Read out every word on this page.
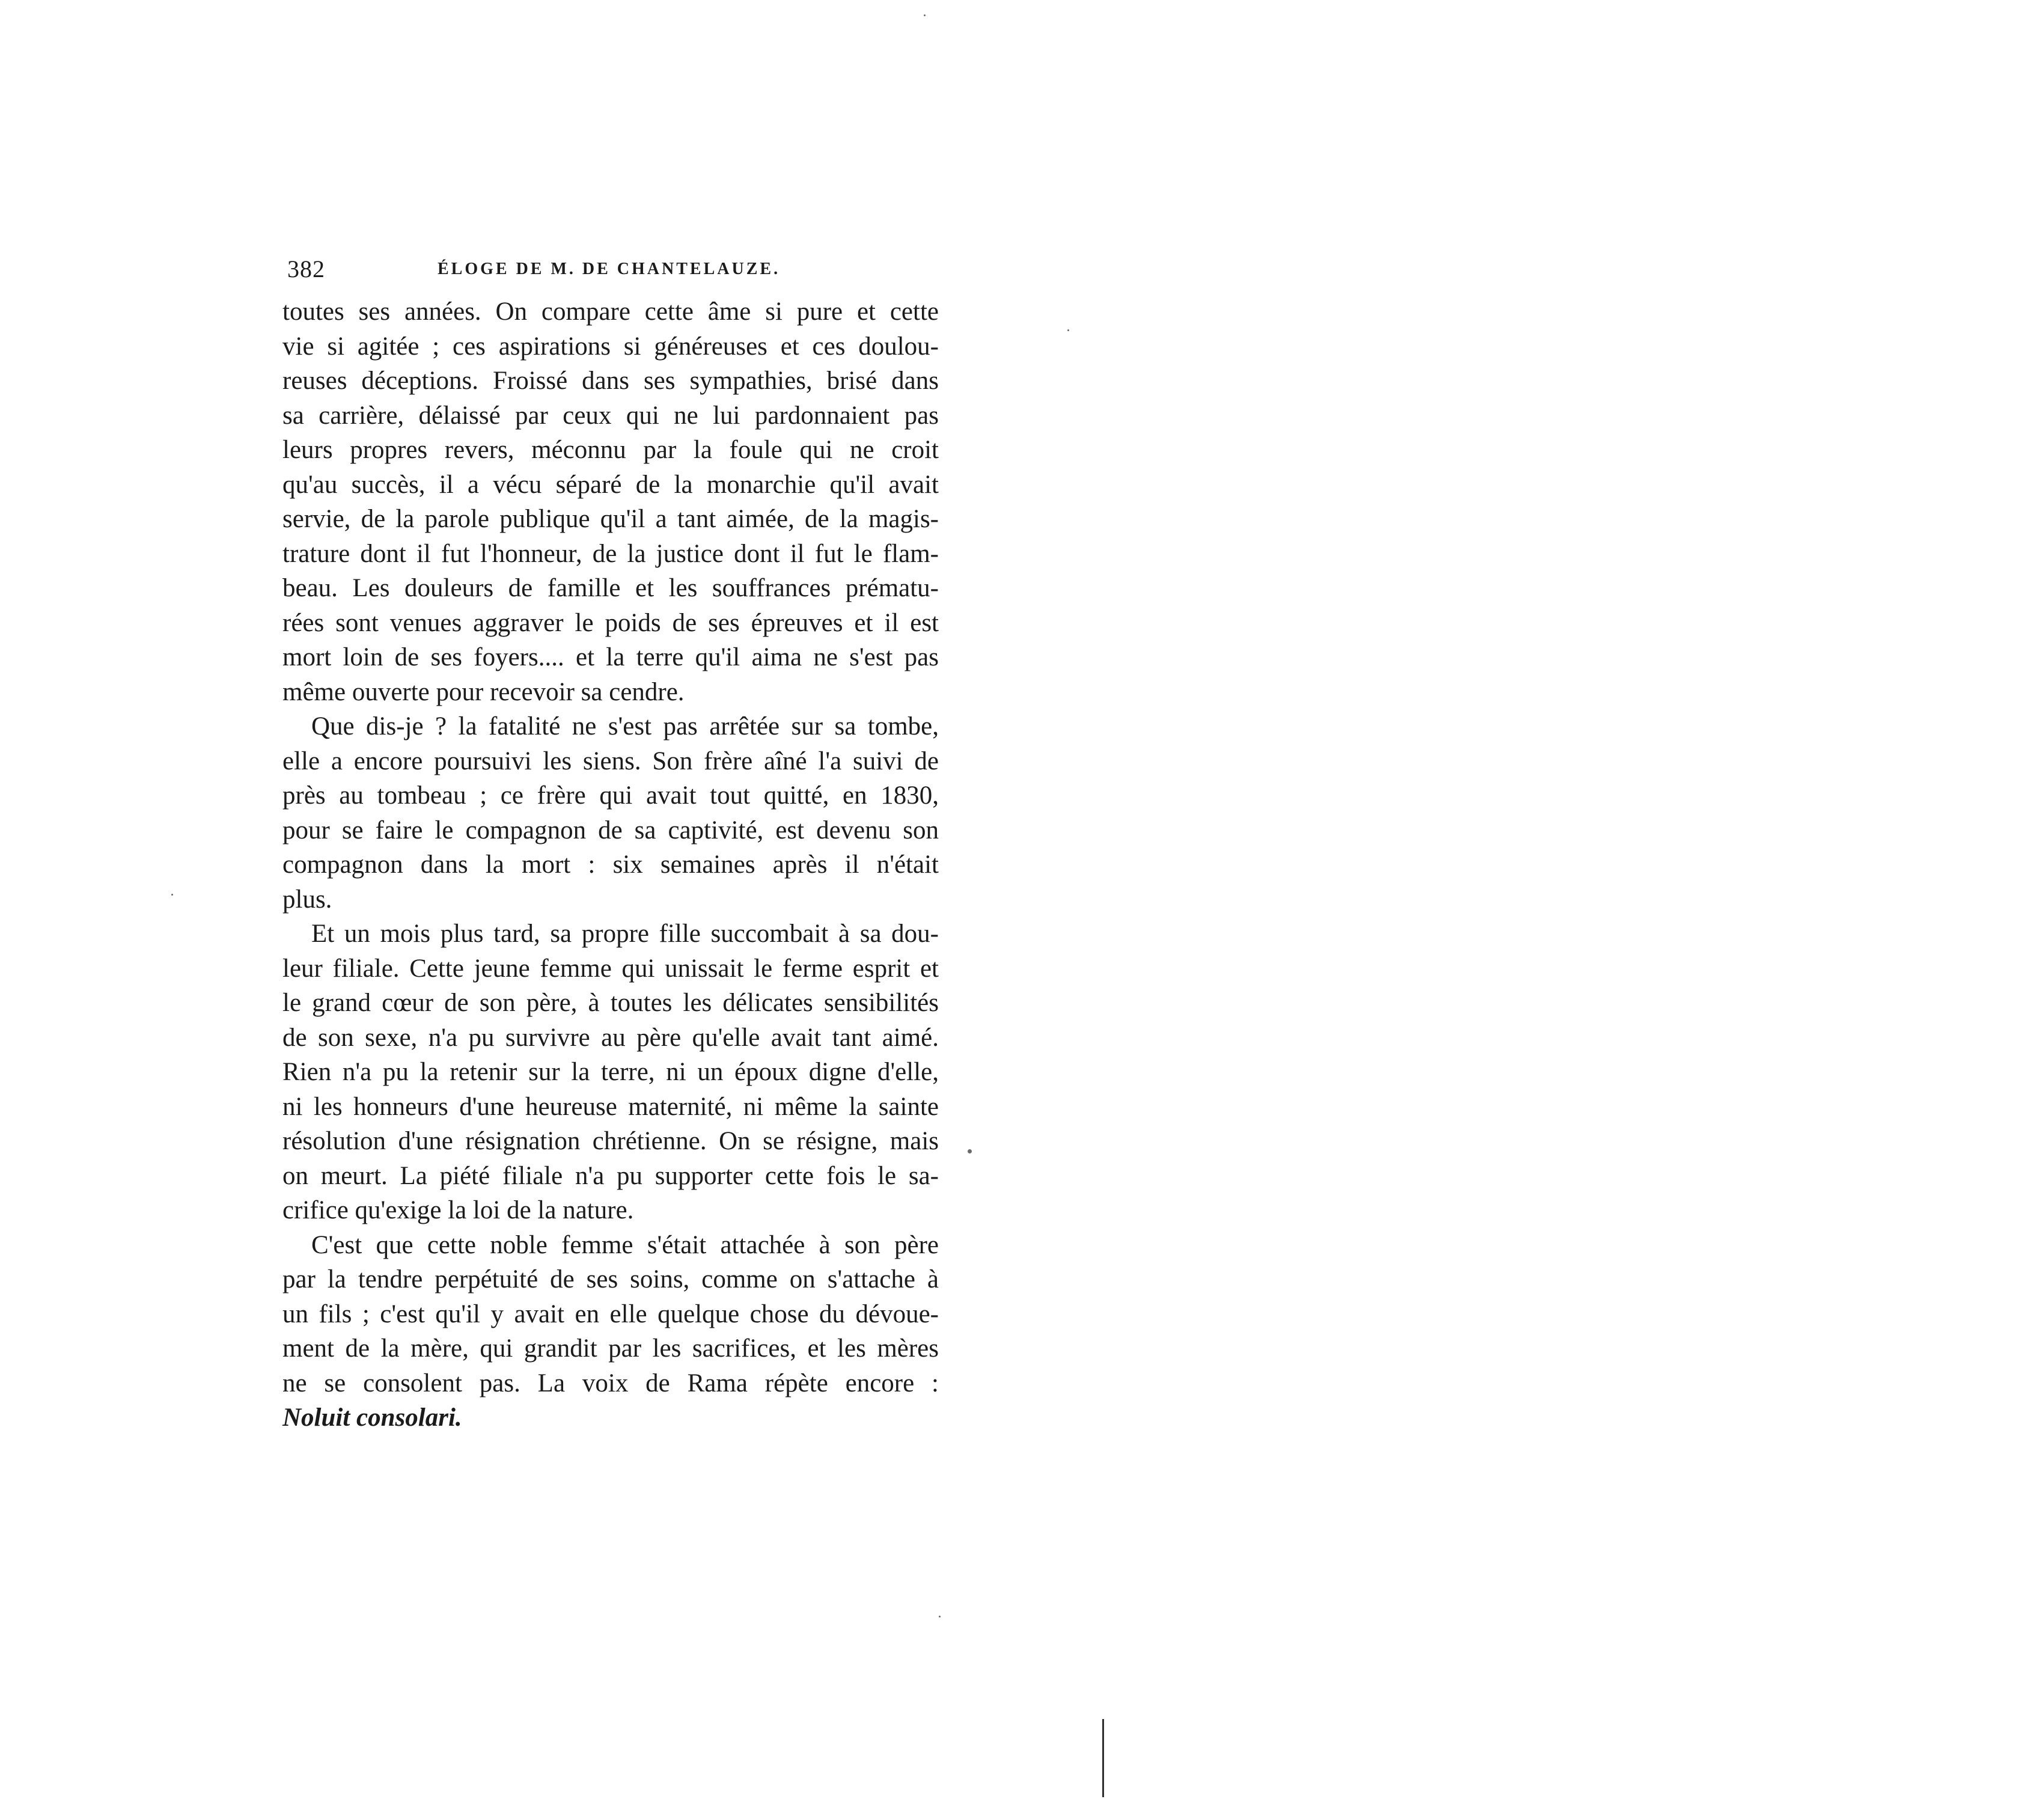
382	ÉLOGE DE M. DE CHANTELAUZE.
toutes ses années. On compare cette âme si pure et cette
vie si agitée ; ces aspirations si généreuses et ces doulou-
reuses déceptions. Froissé dans ses sympathies, brisé dans
sa carrière, délaissé par ceux qui ne lui pardonnaient pas
leurs propres revers, méconnu par la foule qui ne croit
qu'au succès, il a vécu séparé de la monarchie qu'il avait
servie, de la parole publique qu'il a tant aimée, de la magis-
trature dont il fut l'honneur, de la justice dont il fut le flam-
beau. Les douleurs de famille et les souffrances prématu-
rées sont venues aggraver le poids de ses épreuves et il est
mort loin de ses foyers.... et la terre qu'il aima ne s'est pas
même ouverte pour recevoir sa cendre.
Que dis-je ? la fatalité ne s'est pas arrêtée sur sa tombe,
elle a encore poursuivi les siens. Son frère aîné l'a suivi de
près au tombeau ; ce frère qui avait tout quitté, en 1830,
pour se faire le compagnon de sa captivité, est devenu son
compagnon dans la mort : six semaines après il n'était
plus.
Et un mois plus tard, sa propre fille succombait à sa dou-
leur filiale. Cette jeune femme qui unissait le ferme esprit et
le grand cœur de son père, à toutes les délicates sensibilités
de son sexe, n'a pu survivre au père qu'elle avait tant aimé.
Rien n'a pu la retenir sur la terre, ni un époux digne d'elle,
ni les honneurs d'une heureuse maternité, ni même la sainte
résolution d'une résignation chrétienne. On se résigne, mais
on meurt. La piété filiale n'a pu supporter cette fois le sa-
crifice qu'exige la loi de la nature.
C'est que cette noble femme s'était attachée à son père
par la tendre perpétuité de ses soins, comme on s'attache à
un fils ; c'est qu'il y avait en elle quelque chose du dévoue-
ment de la mère, qui grandit par les sacrifices, et les mères
ne se consolent pas. La voix de Rama répète encore :
Noluit consolari.
